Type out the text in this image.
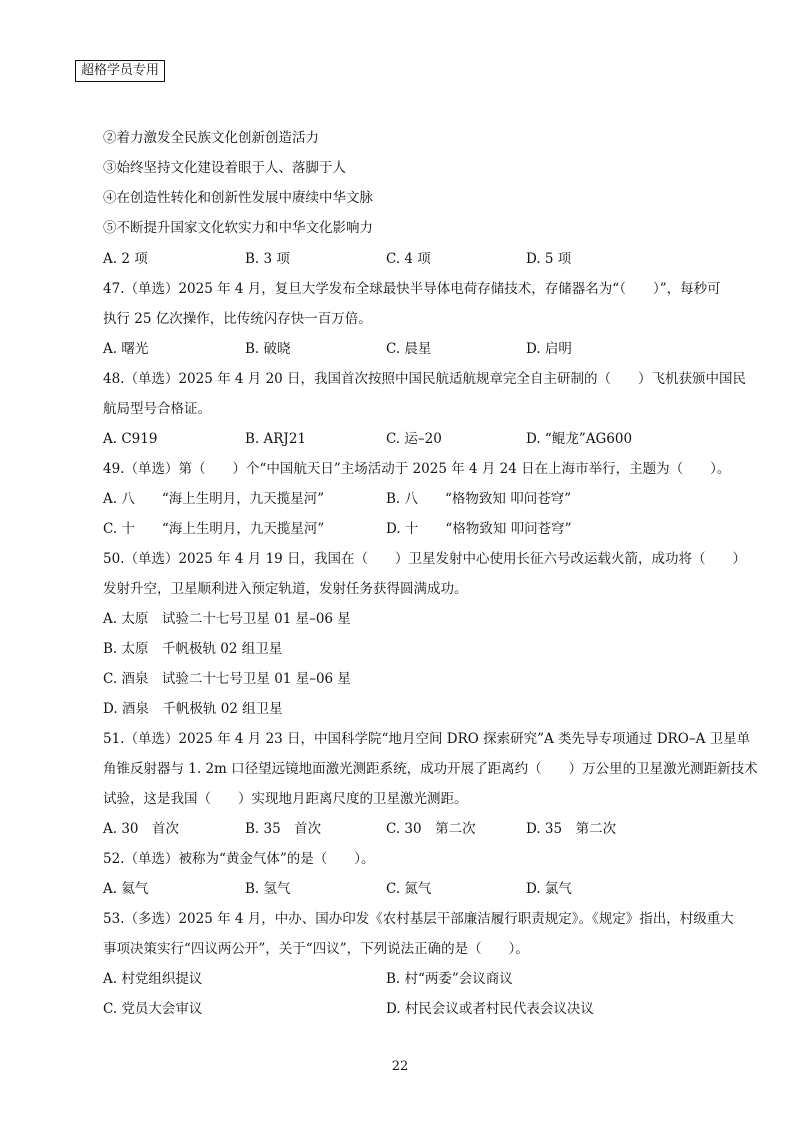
超格学员专用
②着力激发全民族文化创新创造活力
③始终坚持文化建设着眼于人、落脚于人
④在创造性转化和创新性发展中赓续中华文脉
⑤不断提升国家文化软实力和中华文化影响力
A. 2 项	B. 3 项	C. 4 项	D. 5 项
47.（单选）2025 年 4 月，复旦大学发布全球最快半导体电荷存储技术，存储器名为“（　　）”，每秒可
执行 25 亿次操作，比传统闪存快一百万倍。
A. 曙光	B. 破晓	C. 晨星	D. 启明
48.（单选）2025 年 4 月 20 日，我国首次按照中国民航适航规章完全自主研制的（　　）飞机获颁中国民
航局型号合格证。
A. C919	B. ARJ21	C. 运–20	D. “鲲龙”AG600
49.（单选）第（　　）个“中国航天日”主场活动于 2025 年 4 月 24 日在上海市举行，主题为（　　）。
A. 八　　“海上生明月，九天揽星河”	B. 八　　“格物致知 叩问苍穹”
C. 十　　“海上生明月，九天揽星河”	D. 十　　“格物致知 叩问苍穹”
50.（单选）2025 年 4 月 19 日，我国在（　　）卫星发射中心使用长征六号改运载火箭，成功将（　　）
发射升空，卫星顺利进入预定轨道，发射任务获得圆满成功。
A. 太原　试验二十七号卫星 01 星–06 星
B. 太原　千帆极轨 02 组卫星
C. 酒泉　试验二十七号卫星 01 星–06 星
D. 酒泉　千帆极轨 02 组卫星
51.（单选）2025 年 4 月 23 日，中国科学院“地月空间 DRO 探索研究”A 类先导专项通过 DRO–A 卫星单
角锥反射器与 1. 2m 口径望远镜地面激光测距系统，成功开展了距离约（　　）万公里的卫星激光测距新技术
试验，这是我国（　　）实现地月距离尺度的卫星激光测距。
A. 30　首次	B. 35　首次	C. 30　第二次	D. 35　第二次
52.（单选）被称为“黄金气体”的是（　　）。
A. 氦气	B. 氢气	C. 氮气	D. 氯气
53.（多选）2025 年 4 月，中办、国办印发《农村基层干部廉洁履行职责规定》。《规定》指出，村级重大
事项决策实行“四议两公开”，关于“四议”，下列说法正确的是（　　）。
A. 村党组织提议	B. 村“两委”会议商议
C. 党员大会审议	D. 村民会议或者村民代表会议决议
22
